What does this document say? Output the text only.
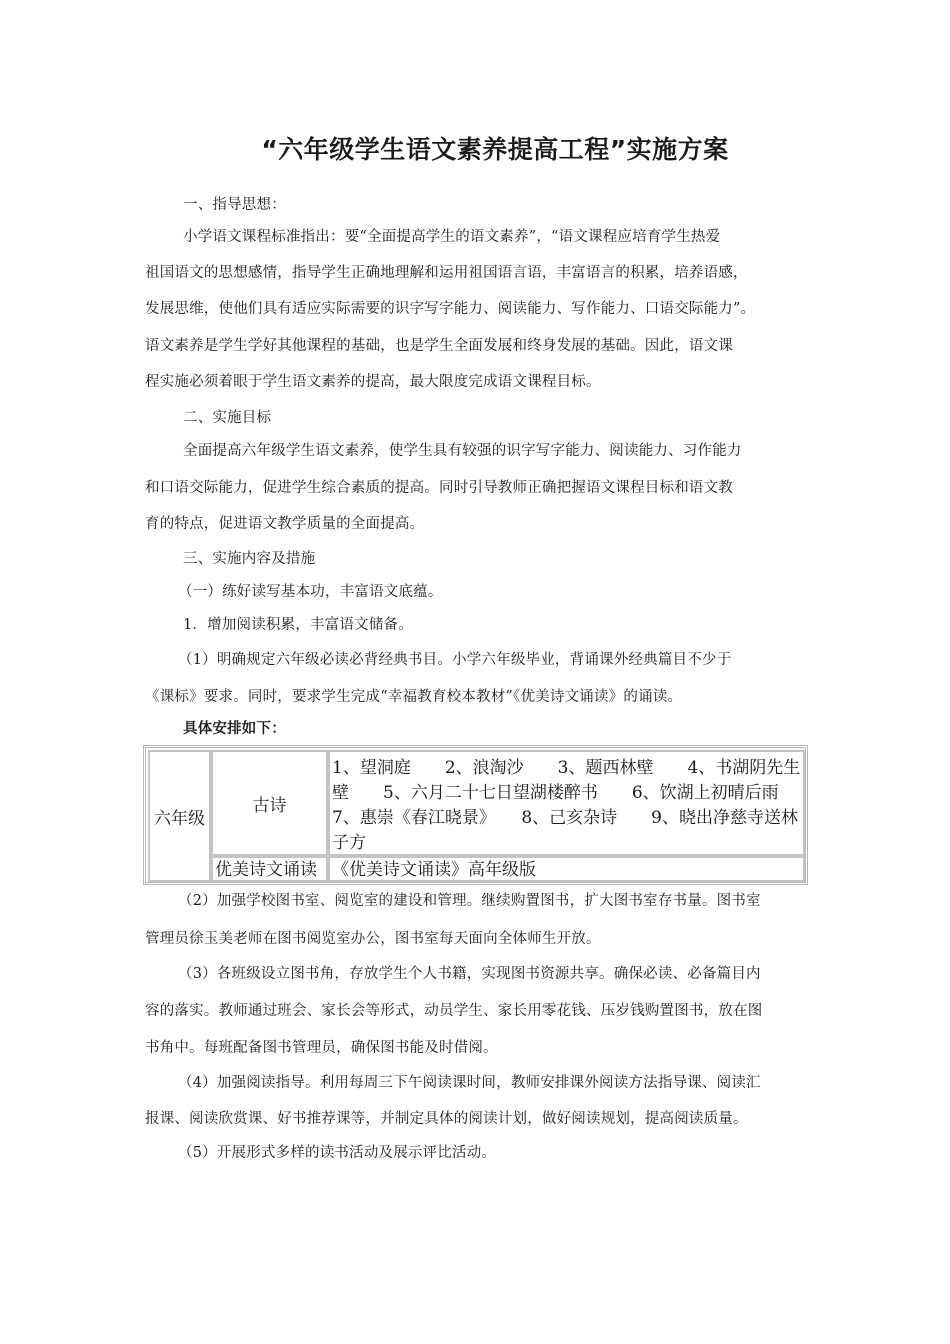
“六年级学生语文素养提高工程”实施方案
一、指导思想：
小学语文课程标准指出：要“全面提高学生的语文素养”，“语文课程应培育学生热爱
祖国语文的思想感情，指导学生正确地理解和运用祖国语言语，丰富语言的积累，培养语感，
发展思维，使他们具有适应实际需要的识字写字能力、阅读能力、写作能力、口语交际能力”。
语文素养是学生学好其他课程的基础，也是学生全面发展和终身发展的基础。因此，语文课
程实施必须着眼于学生语文素养的提高，最大限度完成语文课程目标。
二、实施目标
全面提高六年级学生语文素养，使学生具有较强的识字写字能力、阅读能力、习作能力
和口语交际能力，促进学生综合素质的提高。同时引导教师正确把握语文课程目标和语文教
育的特点，促进语文教学质量的全面提高。
三、实施内容及措施
（一）练好读写基本功，丰富语文底蕴。
1．增加阅读积累，丰富语文储备。
（1）明确规定六年级必读必背经典书目。小学六年级毕业，背诵课外经典篇目不少于
《课标》要求。同时，要求学生完成“幸福教育校本教材”《优美诗文诵读》的诵读。
具体安排如下：
六年级
古诗
1、望洞庭　　2、浪淘沙　　3、题西林壁　　4、书湖阴先生
壁　　5、六月二十七日望湖楼醉书　　6、饮湖上初晴后雨
7、惠崇《春江晓景》　　8、己亥杂诗　　9、晓出净慈寺送林
子方
优美诗文诵读 《优美诗文诵读》高年级版
（2）加强学校图书室、阅览室的建设和管理。继续购置图书，扩大图书室存书量。图书室
管理员徐玉美老师在图书阅览室办公，图书室每天面向全体师生开放。
（3）各班级设立图书角，存放学生个人书籍，实现图书资源共享。确保必读、必备篇目内
容的落实。教师通过班会、家长会等形式，动员学生、家长用零花钱、压岁钱购置图书，放在图
书角中。每班配备图书管理员，确保图书能及时借阅。
（4）加强阅读指导。利用每周三下午阅读课时间，教师安排课外阅读方法指导课、阅读汇
报课、阅读欣赏课、好书推荐课等，并制定具体的阅读计划，做好阅读规划，提高阅读质量。
（5）开展形式多样的读书活动及展示评比活动。
